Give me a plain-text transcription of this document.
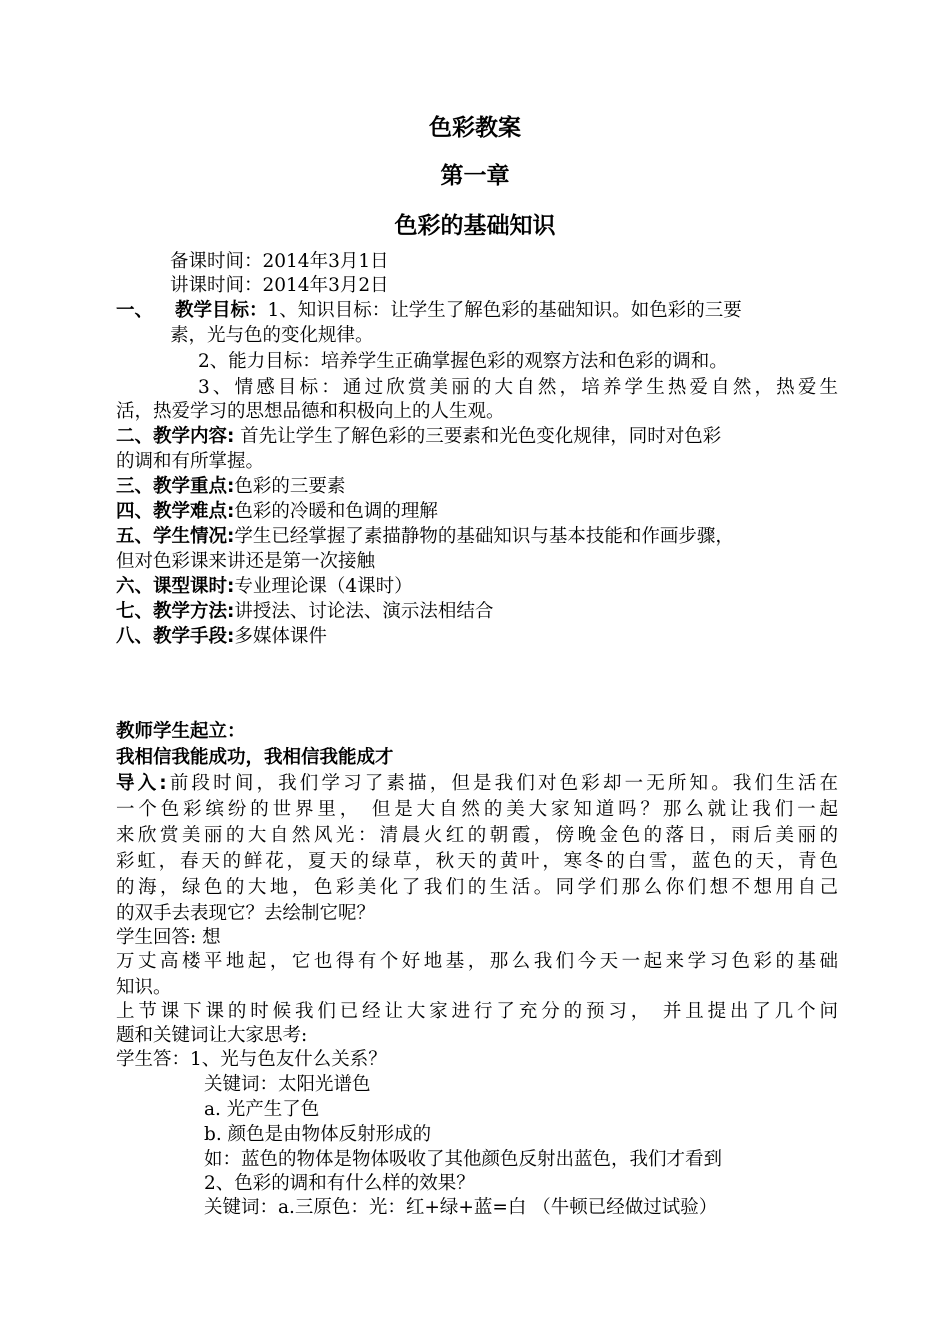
色彩教案
第一章
色彩的基础知识

备课时间：2014年3月1日

讲课时间：2014年3月2日

一、 教学目标：1、知识目标：让学生了解色彩的基础知识。如色彩的三要

素，光与色的变化规律。

2、能力目标：培养学生正确掌握色彩的观察方法和色彩的调和。

3、情感目标：通过欣赏美丽的大自然，培养学生热爱自然，热爱生

活，热爱学习的思想品德和积极向上的人生观。

二、教学内容: 首先让学生了解色彩的三要素和光色变化规律，同时对色彩

的调和有所掌握。

三、教学重点:色彩的三要素

四、教学难点:色彩的冷暖和色调的理解

五、学生情况:学生已经掌握了素描静物的基础知识与基本技能和作画步骤，

但对色彩课来讲还是第一次接触

六、课型课时:专业理论课（4课时）

七、教学方法:讲授法、讨论法、演示法相结合

八、教学手段:多媒体课件

教师学生起立：

我相信我能成功，我相信我能成才

导入:前段时间，我们学习了素描，但是我们对色彩却一无所知。我们生活在

一个色彩缤纷的世界里， 但是大自然的美大家知道吗？那么就让我们一起

来欣赏美丽的大自然风光：清晨火红的朝霞，傍晚金色的落日，雨后美丽的

彩虹，春天的鲜花，夏天的绿草，秋天的黄叶，寒冬的白雪，蓝色的天，青色

的海，绿色的大地，色彩美化了我们的生活。同学们那么你们想不想用自己

的双手去表现它？去绘制它呢？

学生回答: 想

万丈高楼平地起，它也得有个好地基，那么我们今天一起来学习色彩的基础

知识。

上节课下课的时候我们已经让大家进行了充分的预习， 并且提出了几个问

题和关键词让大家思考:

学生答：1、光与色友什么关系？

关键词：太阳光谱色

a. 光产生了色

b. 颜色是由物体反射形成的

如：蓝色的物体是物体吸收了其他颜色反射出蓝色，我们才看到

2、色彩的调和有什么样的效果？

关键词：a.三原色：光：红+绿+蓝=白 （牛顿已经做过试验）
